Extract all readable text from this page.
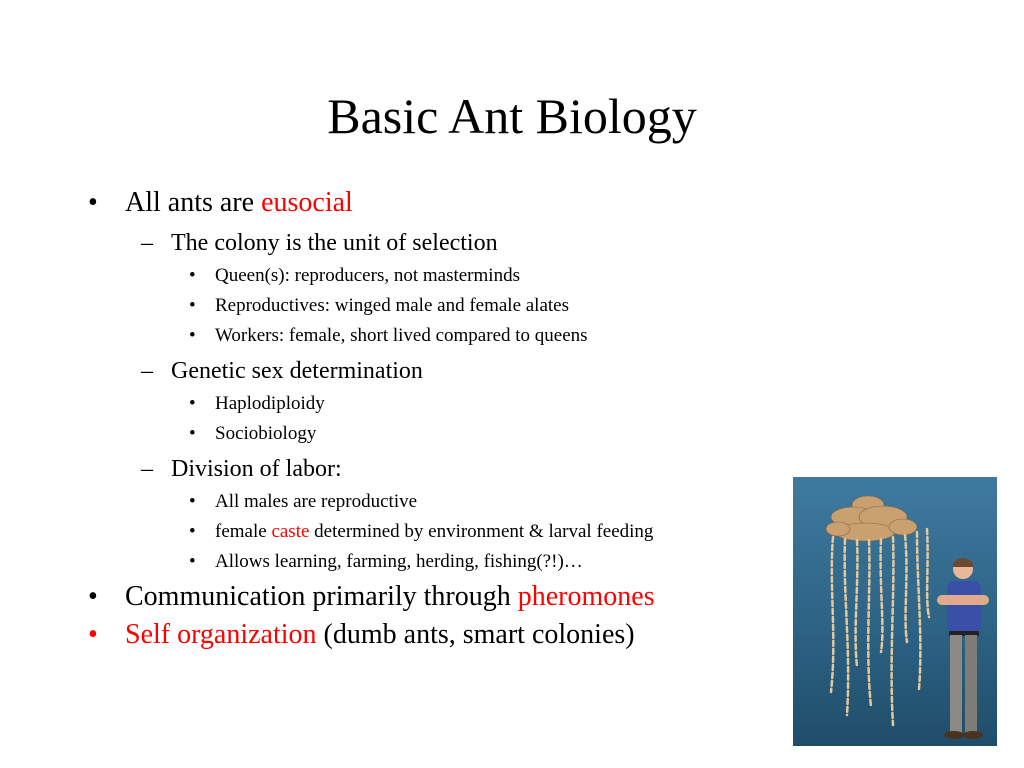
Basic Ant Biology
• All ants are eusocial
– The colony is the unit of selection
• Queen(s): reproducers, not masterminds
• Reproductives: winged male and female alates
• Workers: female, short lived compared to queens
– Genetic sex determination
• Haplodiploidy
• Sociobiology
– Division of labor:
• All males are reproductive
• female caste determined by environment & larval feeding
• Allows learning, farming, herding, fishing(?!)…
• Communication primarily through pheromones
• Self organization (dumb ants, smart colonies)
